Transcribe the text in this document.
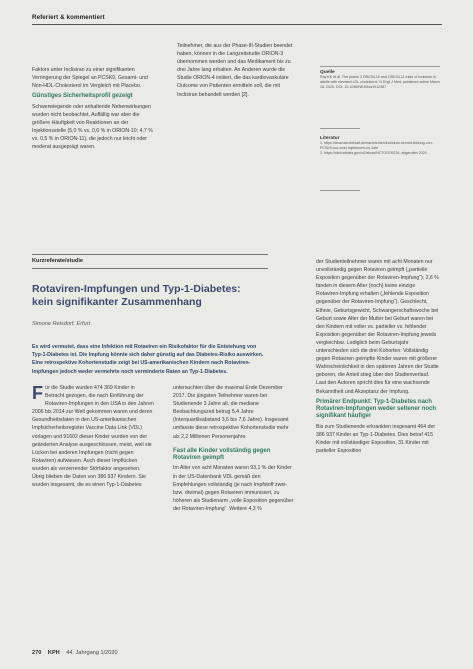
Referiert & kommentiert

Faktors unter Inclisiran zu einer signifikanten Verringerung der Spiegel an PCSK9, Gesamt- und Non-HDL-Cholesterol im Vergleich mit Placebo.

Günstiges Sicherheitsprofil gezeigt

Schwerwiegende oder anhaltende Nebenwirkungen wurden nicht beobachtet. Auffällig war aber die größere Häufigkeit von Reaktionen an der Injektionsstelle (5,0 % vs. 0,6 % in ORION-10; 4,7 % vs. 0,5 % in ORION-11), die jedoch nur leicht oder moderat ausgeprägt waren.

Teilnehmer, die aus der Phase-III-Studien beendet haben, können in die Langzeitstudie ORION-3 übernommen werden und das Medikament bis zu drei Jahre lang erhalten. An Anderen wurde die Studie ORION-4 initiiert, die das kardiovaskuläre Outcome von Patienten ermitteln soll, die mit Inclisiran behandelt werden [2].

Quelle
Ray KK et al. The phase 3 ORION-10 and ORION-11 trials of inclisiran in adults with elevated LDL cholesterol. N Engl J Med. published online March 18, 2020. DOI: 10.1056/NEJMoa1912387
Literatur
1. https://www.aerzteblatt.de/nachrichten/inclisiran-hemmt-bildung-von-PCSK9-nur-zwei-Injektionen-im-Jahr
2. https://clinicaltrials.gov/ct2/show/NCT03705234, abgerufen 2020
Kurzreferate/studie
Rotaviren-Impfungen und Typ-1-Diabetes: kein signifikanter Zusammenhang
Simone Reisdorf, Erfurt
Es wird vermutet, dass eine Infektion mit Rotaviren ein Risikofaktor für die Entstehung von Typ-1-Diabetes ist. Die Impfung könnte sich daher günstig auf das Diabetes-Risiko auswirken. Eine retrospektive Kohortenstudie zeigt bei US-amerikanischen Kindern nach Rotaviren-Impfungen jedoch weder vermehrte noch verminderte Raten an Typ-1-Diabetes.
F ür die Studie wurden 474 369 Kinder in Betracht gezogen, die nach Einführung der Rotaviren-Impfungen in den USA in den Jahren 2006 bis 2014 zur Welt gekommen waren und deren Gesundheitsdaten in den US-amerikanischen Impfsicherheitsregister Vaccine Data Link (VDL) vorlagen und 91602 dieser Kinder wurden von der geänderten Analyse ausgeschlossen, meist, weil sie Lücken bei anderen Impfungen (nicht gegen Rotaviren) aufwiesen. Auch dieser Impflücken wurden als verzerrender Störfaktor angesehen. Übrig blieben die Daten von 386 937 Kindern. Sie wurden insgesamt, die es einen Typ-1-Diabetes

untersuchten über die maximal Ende Dezember 2017. Die jüngsten Teilnehmer waren bei Studienende 3 Jahre alt, die mediane Beobachtungszeit betrug 5,4 Jahre (Interquartilsabstand 3,6 bis 7,6 Jahre). Insgesamt umfasste diese retrospektive Kohortenstudie mehr als 2,2 Millionen Personenjahre.

Fast alle Kinder vollständig gegen Rotaviren geimpft

Im Alter von acht Monaten waren 93,1 % der Kinder in der US-Datenbank VDL gemäß den Empfehlungen vollständig (je nach Impfstoff zwei- bzw. dreimal) gegen Rotaviren immunisiert, zu höheren als Studienarm „volle Exposition gegenüber der Rotaviren-Impfung“. Weitere 4,3 %

der Studienteilnehmer waren mit acht Monaten nur unvollständig gegen Rotaviren geimpft („partielle Exposition gegenüber der Rotaviren-Impfung“); 2,6 % fanden in diesem Alter (noch) keine einzige Rotaviren-Impfung erhalten („fehlende Exposition gegenüber der Rotaviren-Impfung“). Geschlecht, Ethnie, Geburtsgewicht, Schwangerschaftswoche bei Geburt sowie Alter der Mutter bei Geburt waren bei den Kindern mit voller vs. partieller vs. fehlender Exposition gegenüber der Rotaviren-Impfung jeweils vergleichbar. Lediglich beim Geburtsjahr unterschieden sich die drei Kohorten: Vollständig gegen Rotaviren geimpfte Kinder waren mit größerer Wahrscheinlichkeit in den späteren Jahren der Studie geboren, die Anteil stieg über den Studienverlauf. Laut den Autoren spricht dies für eine wachsende Bekanntheit und Akzeptanz der Impfung.

Primärer Endpunkt: Typ-1-Diabetes nach Rotaviren-Impfungen weder seltener noch signifikant häufiger

Bis zum Studienende erkrankten insgesamt 464 der 386 937 Kinder an Typ-1-Diabetes. Dies betraf 415 Kinder mit vollständiger Exposition, 31 Kinder mit partieller Exposition

270 KPH 44. Jahrgang 1/2020
